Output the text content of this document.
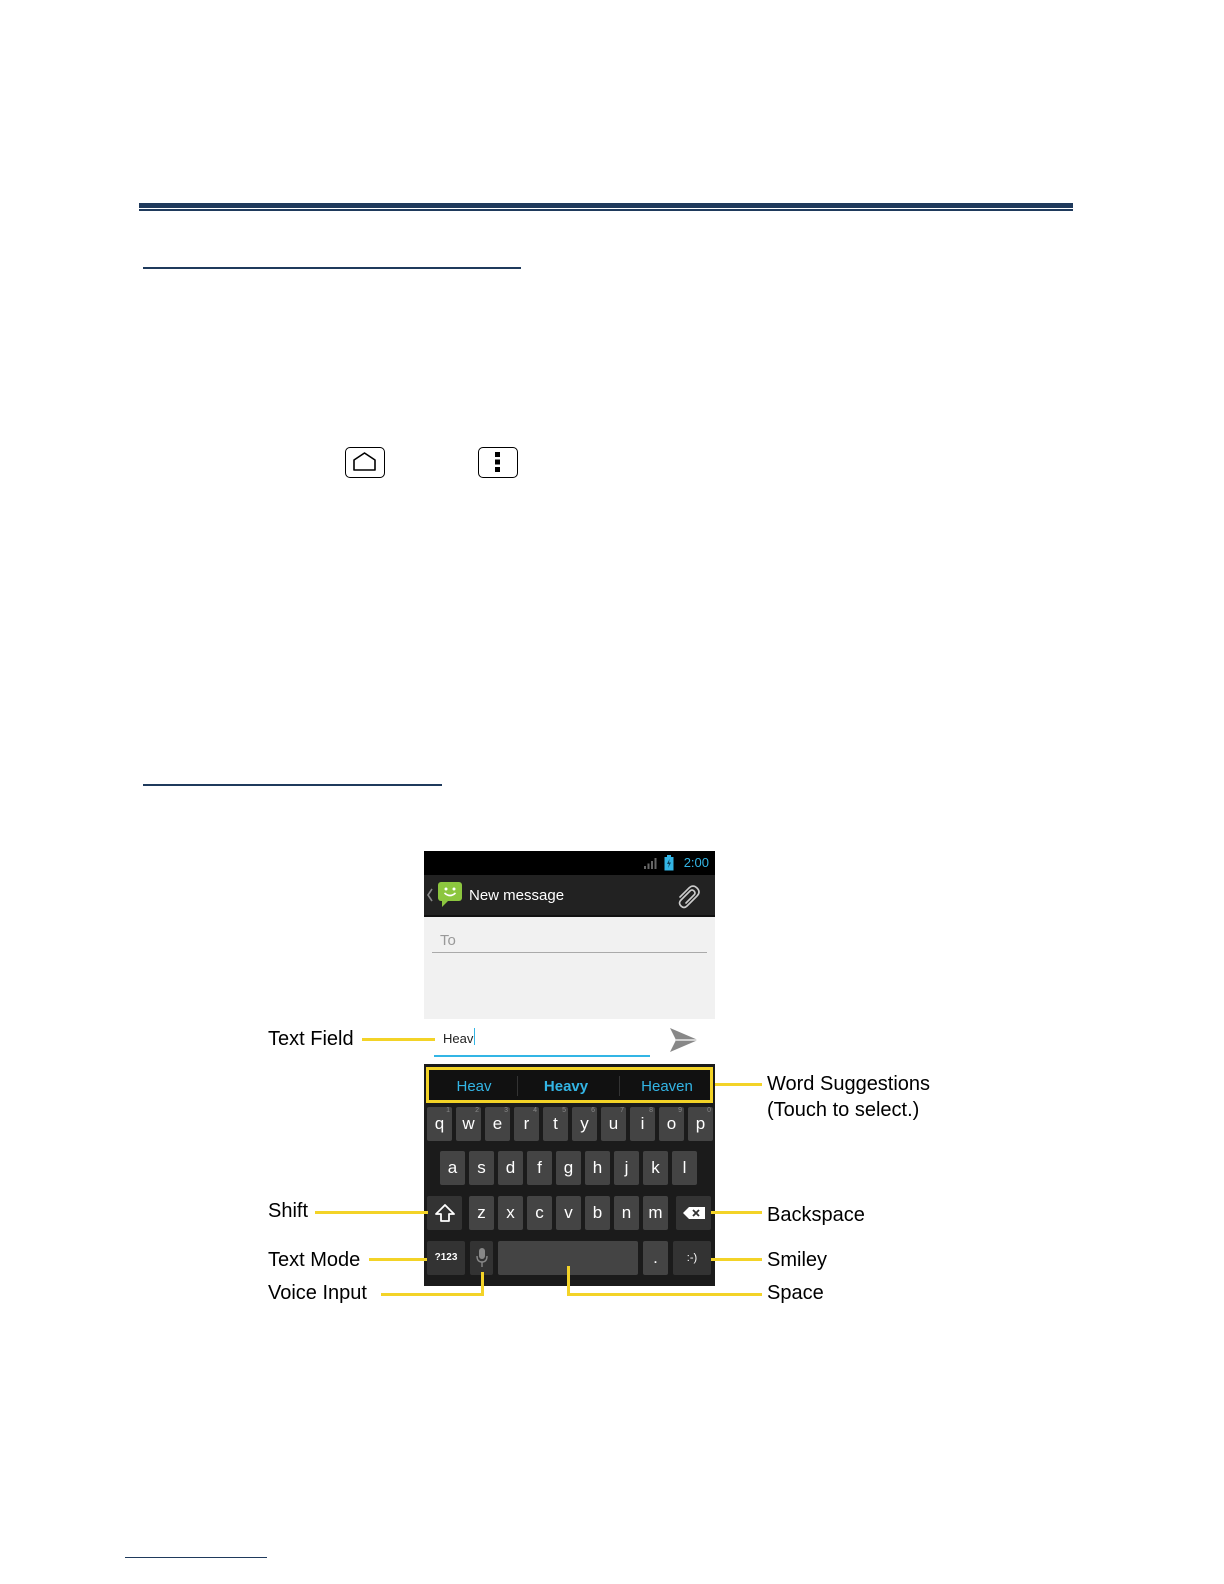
2:00
New message
To
Heav
Heav	Heavy	Heaven
q
1
w
2
e
3
r
4
t
5
y
6
u
7
i
8
o
9
p
0
a	s	d	f	g	h	j	k	l
z	x	c	v	b	n	m
?123	.	:-)
Text Field
Word Suggestions
(Touch to select.)
Shift	Backspace
Text Mode	Smiley
Voice Input	Space
